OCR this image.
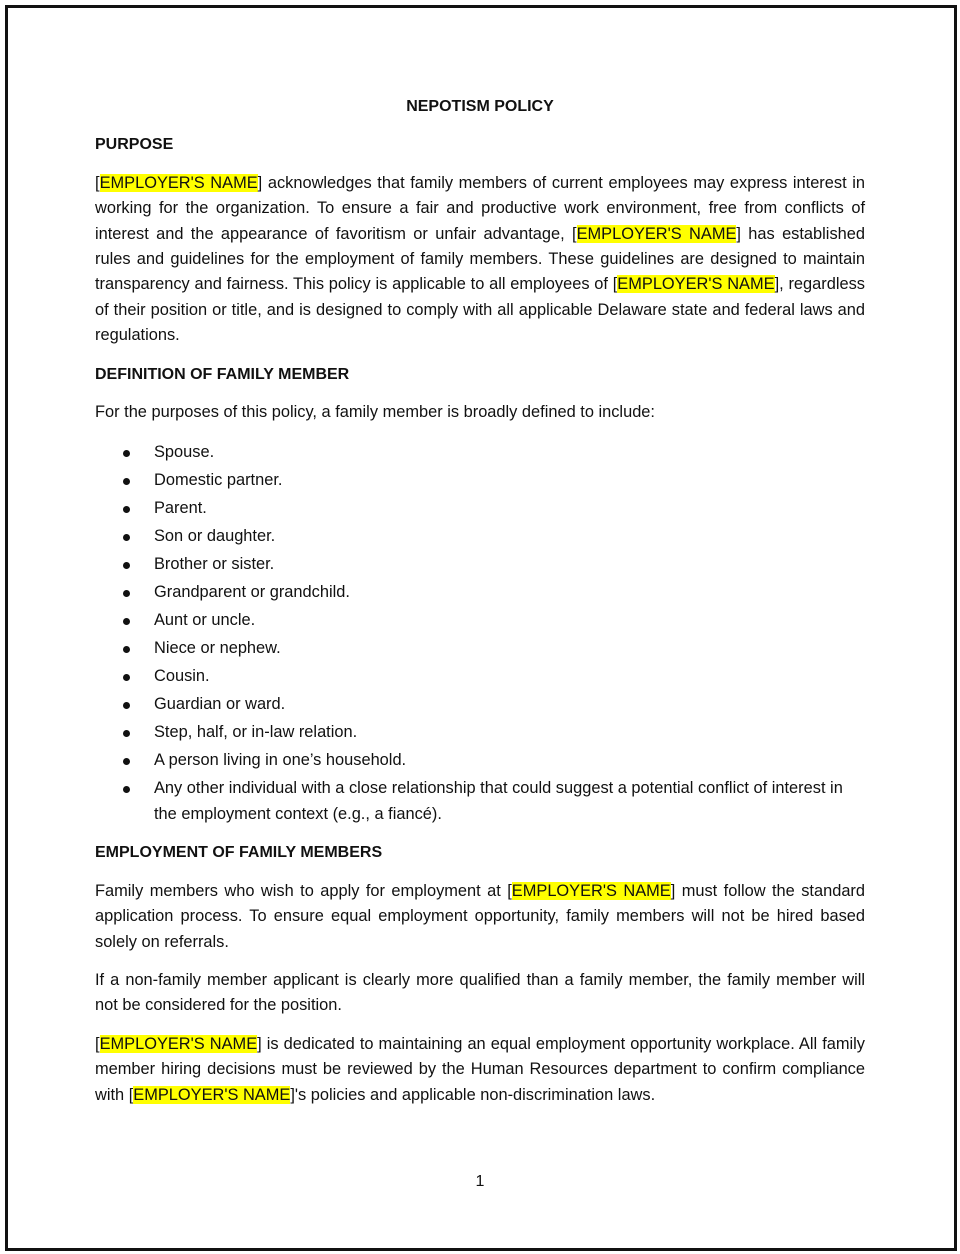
NEPOTISM POLICY
PURPOSE

[EMPLOYER'S NAME] acknowledges that family members of current employees may express interest in working for the organization. To ensure a fair and productive work environment, free from conflicts of interest and the appearance of favoritism or unfair advantage, [EMPLOYER'S NAME] has established rules and guidelines for the employment of family members. These guidelines are designed to maintain transparency and fairness. This policy is applicable to all employees of [EMPLOYER'S NAME], regardless of their position or title, and is designed to comply with all applicable Delaware state and federal laws and regulations.

DEFINITION OF FAMILY MEMBER

For the purposes of this policy, a family member is broadly defined to include:

Spouse.
Domestic partner.
Parent.
Son or daughter.
Brother or sister.
Grandparent or grandchild.
Aunt or uncle.
Niece or nephew.
Cousin.
Guardian or ward.
Step, half, or in-law relation.
A person living in one’s household.
Any other individual with a close relationship that could suggest a potential conflict of interest in the employment context (e.g., a fiancé).
EMPLOYMENT OF FAMILY MEMBERS

Family members who wish to apply for employment at [EMPLOYER'S NAME] must follow the standard application process. To ensure equal employment opportunity, family members will not be hired based solely on referrals.

If a non-family member applicant is clearly more qualified than a family member, the family member will not be considered for the position.

[EMPLOYER'S NAME] is dedicated to maintaining an equal employment opportunity workplace. All family member hiring decisions must be reviewed by the Human Resources department to confirm compliance with [EMPLOYER'S NAME]'s policies and applicable non-discrimination laws.

1
